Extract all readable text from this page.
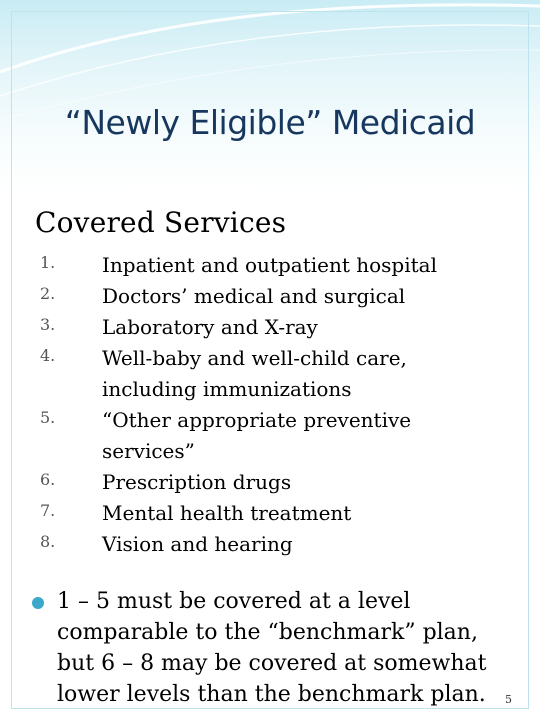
“Newly Eligible” Medicaid
Covered Services
1.	Inpatient and outpatient hospital
2.	Doctors’ medical and surgical
3.	Laboratory and X-ray
4.	Well-baby and well-child care, including immunizations
5.	“Other appropriate preventive services”
6.	Prescription drugs
7.	Mental health treatment
8.	Vision and hearing

1 – 5 must be covered at a level comparable to the “benchmark” plan, but 6 – 8 may be covered at somewhat lower levels than the benchmark plan.	5
